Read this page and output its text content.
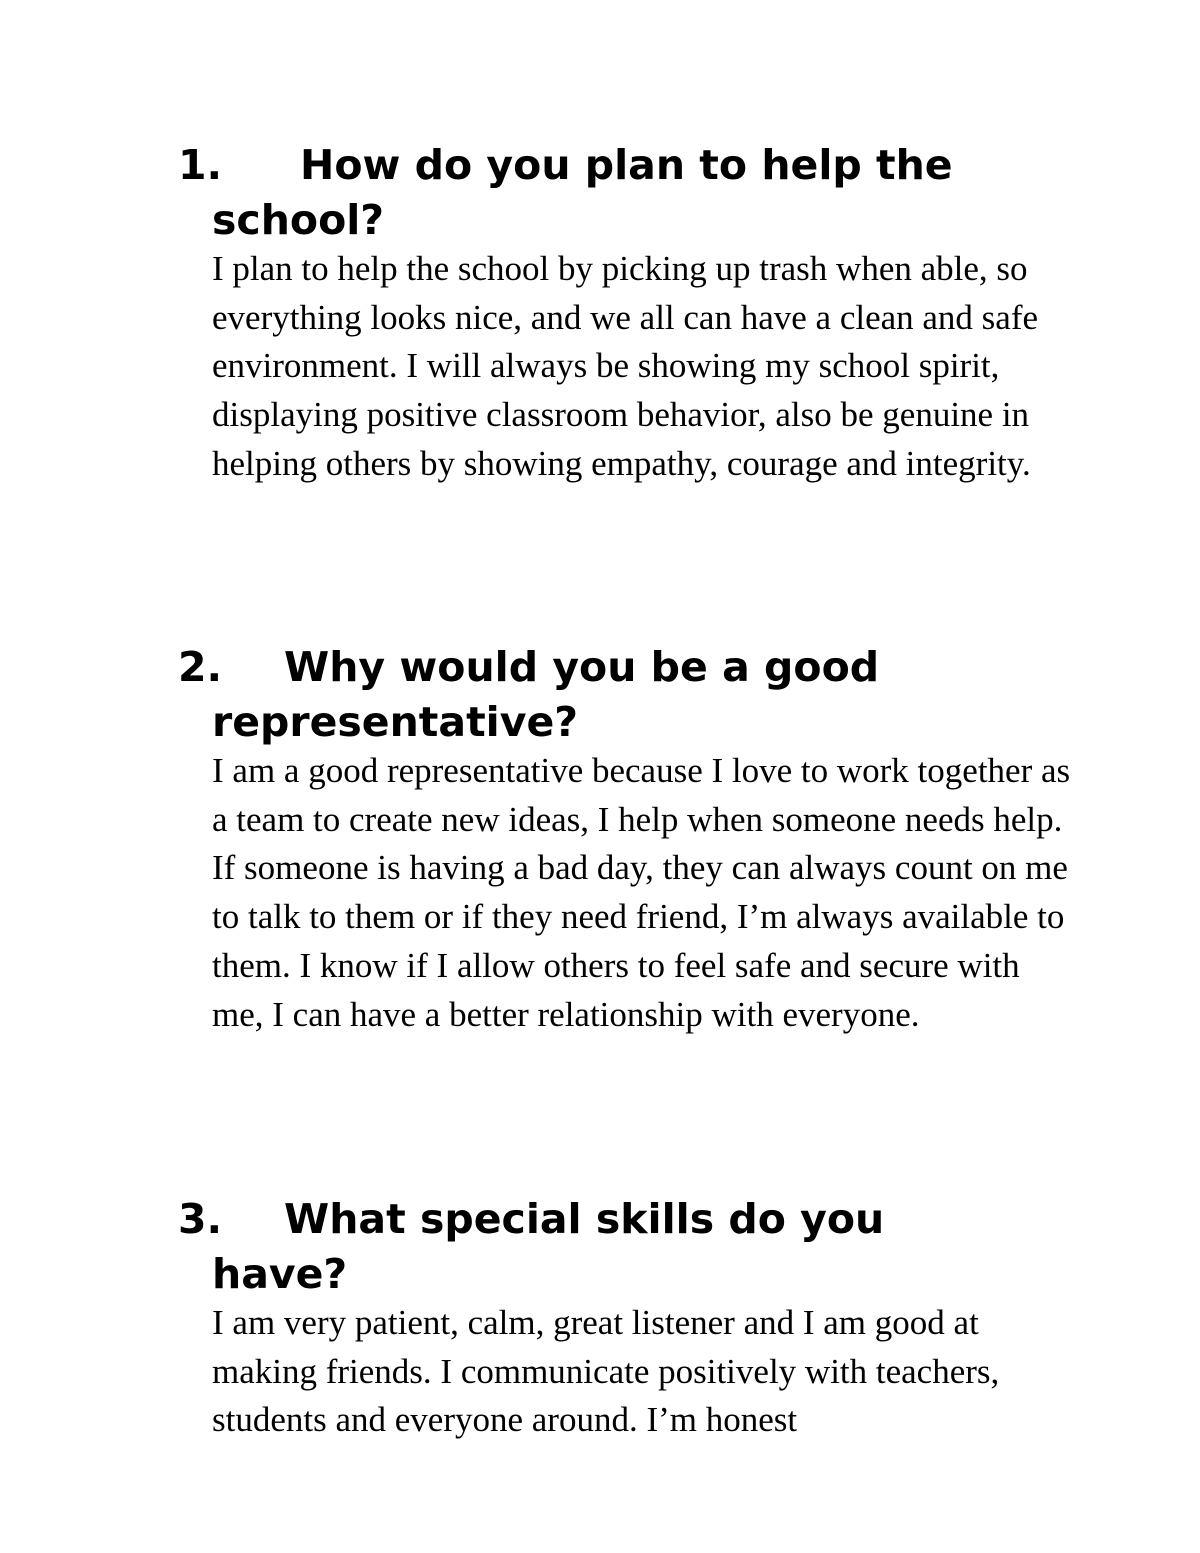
1.	How do you plan to help the school?

I plan to help the school by picking up trash when able, so everything looks nice, and we all can have a clean and safe environment. I will always be showing my school spirit, displaying positive classroom behavior, also be genuine in helping others by showing empathy, courage and integrity.

2.	Why would you be a good representative?

I am a good representative because I love to work together as a team to create new ideas, I help when someone needs help. If someone is having a bad day, they can always count on me to talk to them or if they need friend, I’m always available to them. I know if I allow others to feel safe and secure with me, I can have a better relationship with everyone.

3.	What special skills do you have?

I am very patient, calm, great listener and I am good at making friends. I communicate positively with teachers, students and everyone around. I’m honest
